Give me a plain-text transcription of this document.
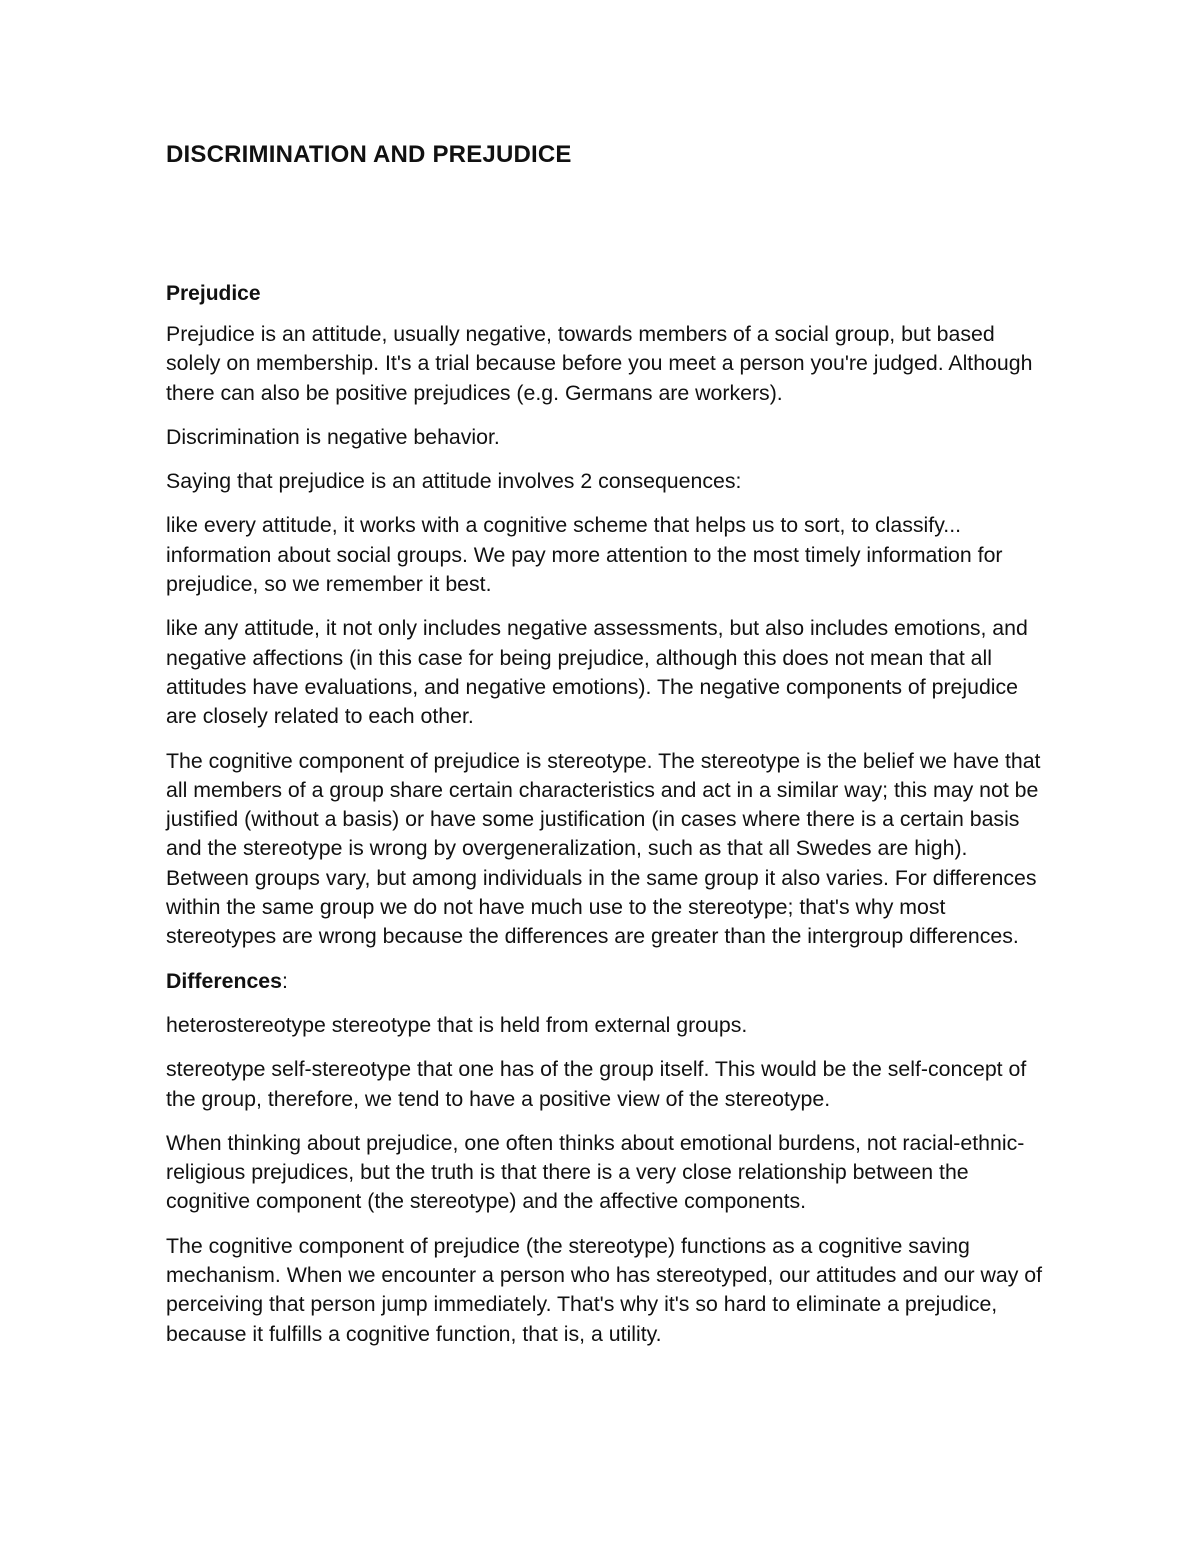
DISCRIMINATION AND PREJUDICE
Prejudice

Prejudice is an attitude, usually negative, towards members of a social group, but based solely on membership. It's a trial because before you meet a person you're judged. Although there can also be positive prejudices (e.g. Germans are workers).

Discrimination is negative behavior.

Saying that prejudice is an attitude involves 2 consequences:

like every attitude, it works with a cognitive scheme that helps us to sort, to classify... information about social groups. We pay more attention to the most timely information for prejudice, so we remember it best.

like any attitude, it not only includes negative assessments, but also includes emotions, and negative affections (in this case for being prejudice, although this does not mean that all attitudes have evaluations, and negative emotions). The negative components of prejudice are closely related to each other.

The cognitive component of prejudice is stereotype. The stereotype is the belief we have that all members of a group share certain characteristics and act in a similar way; this may not be justified (without a basis) or have some justification (in cases where there is a certain basis and the stereotype is wrong by overgeneralization, such as that all Swedes are high). Between groups vary, but among individuals in the same group it also varies. For differences within the same group we do not have much use to the stereotype; that's why most stereotypes are wrong because the differences are greater than the intergroup differences.

Differences:

heterostereotype stereotype that is held from external groups.

stereotype self-stereotype that one has of the group itself. This would be the self-concept of the group, therefore, we tend to have a positive view of the stereotype.

When thinking about prejudice, one often thinks about emotional burdens, not racial-ethnic-religious prejudices, but the truth is that there is a very close relationship between the cognitive component (the stereotype) and the affective components.

The cognitive component of prejudice (the stereotype) functions as a cognitive saving mechanism. When we encounter a person who has stereotyped, our attitudes and our way of perceiving that person jump immediately. That's why it's so hard to eliminate a prejudice, because it fulfills a cognitive function, that is, a utility.
